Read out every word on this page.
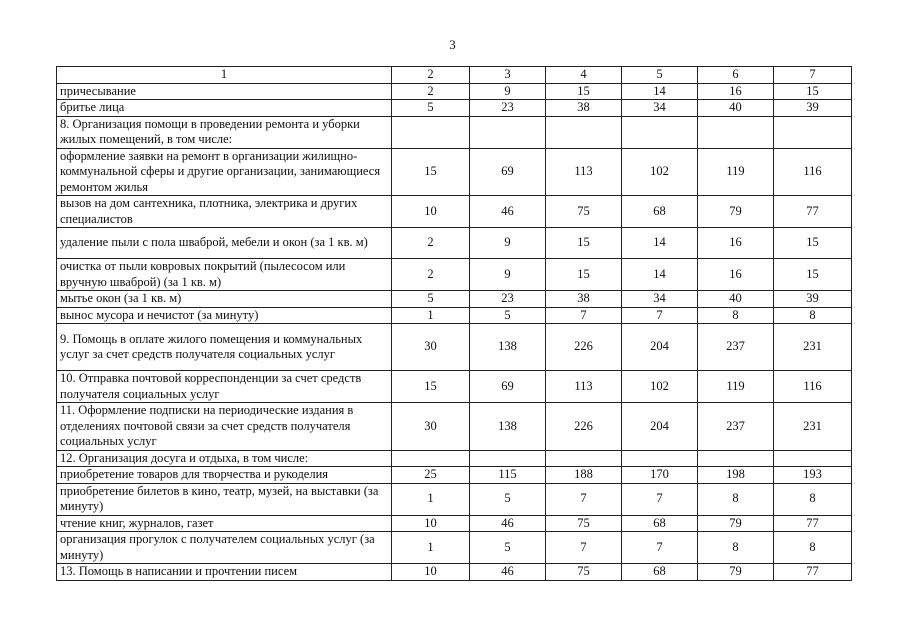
3
1	2	3	4	5	6	7
причесывание	2	9	15	14	16	15
бритье лица	5	23	38	34	40	39
8. Организация помощи в проведении ремонта и уборки жилых помещений, в том числе:						
оформление заявки на ремонт в организации жилищно-коммунальной сферы и другие организации, занимающиеся ремонтом жилья	15	69	113	102	119	116
вызов на дом сантехника, плотника, электрика и других специалистов	10	46	75	68	79	77
удаление пыли с пола шваброй, мебели и окон (за 1 кв. м)	2	9	15	14	16	15
очистка от пыли ковровых покрытий (пылесосом или вручную шваброй) (за 1 кв. м)	2	9	15	14	16	15
мытье окон (за 1 кв. м)	5	23	38	34	40	39
вынос мусора и нечистот (за минуту)	1	5	7	7	8	8
9. Помощь в оплате жилого помещения и коммунальных услуг за счет средств получателя социальных услуг	30	138	226	204	237	231
10. Отправка почтовой корреспонденции за счет средств получателя социальных услуг	15	69	113	102	119	116
11. Оформление подписки на периодические издания в отделениях почтовой связи за счет средств получателя социальных услуг	30	138	226	204	237	231
12. Организация досуга и отдыха, в том числе:						
приобретение товаров для творчества и рукоделия	25	115	188	170	198	193
приобретение билетов в кино, театр, музей, на выставки (за минуту)	1	5	7	7	8	8
чтение книг, журналов, газет	10	46	75	68	79	77
организация прогулок с получателем социальных услуг (за минуту)	1	5	7	7	8	8
13. Помощь в написании и прочтении писем	10	46	75	68	79	77
